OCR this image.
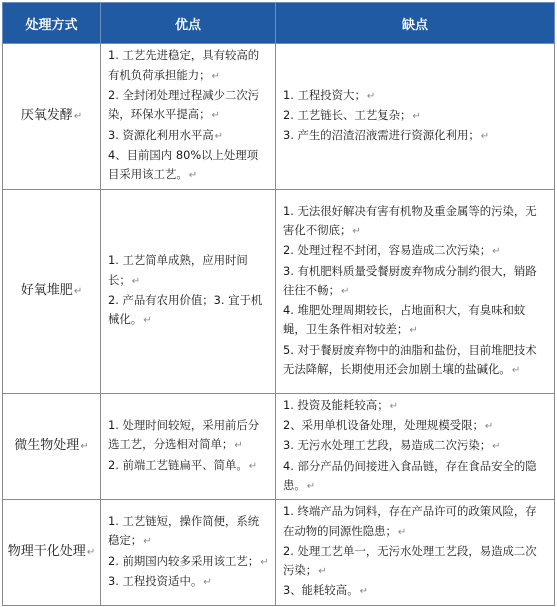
处理方式	优点	缺点
厌氧发酵↵	1. 工艺先进稳定，具有较高的有机负荷承担能力；↵
2. 全封闭处理过程减少二次污染，环保水平提高；↵
3. 资源化利用水平高↵
4、目前国内 80%以上处理项目采用该工艺。↵	1. 工程投资大；↵
2. 工艺链长、工艺复杂；↵
3. 产生的沼渣沼液需进行资源化利用；↵

好氧堆肥↵	1. 工艺简单成熟，应用时间长；↵
2. 产品有农用价值；3. 宜于机械化。↵	1. 无法很好解决有害有机物及重金属等的污染，无害化不彻底；↵
2. 处理过程不封闭，容易造成二次污染；↵
3. 有机肥料质量受餐厨废弃物成分制约很大，销路往往不畅；↵
4. 堆肥处理周期较长，占地面积大，有臭味和蚊蝇，卫生条件相对较差；↵
5. 对于餐厨废弃物中的油脂和盐份，目前堆肥技术无法降解，长期使用还会加剧土壤的盐碱化。↵

微生物处理↵	1. 处理时间较短，采用前后分选工艺，分选相对简单；↵
2. 前端工艺链扁平、简单。↵	1. 投资及能耗较高；↵
2、采用单机设备处理，处理规模受限；↵
3. 无污水处理工艺段，易造成二次污染；↵
4. 部分产品仍间接进入食品链，存在食品安全的隐患。↵

物理干化处理↵	1. 工艺链短，操作简便，系统稳定；↵
2. 前期国内较多采用该工艺；↵
3. 工程投资适中。↵	1. 终端产品为饲料，存在产品许可的政策风险，存在动物的同源性隐患；↵
2. 处理工艺单一，无污水处理工艺段，易造成二次污染；↵
3、能耗较高。↵
